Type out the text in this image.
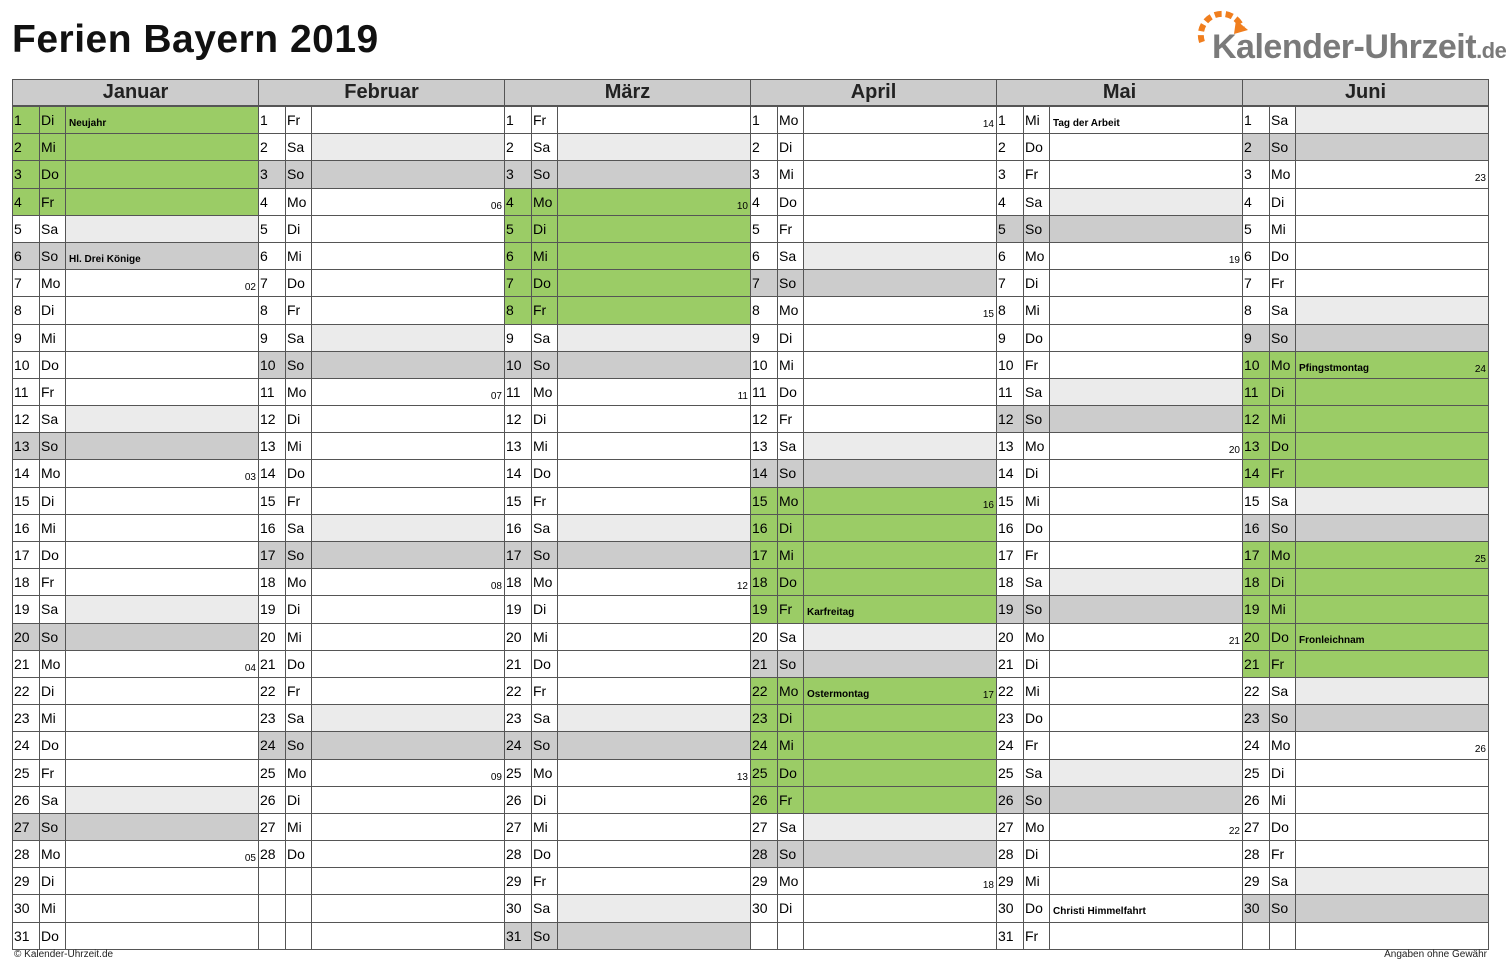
Ferien Bayern 2019	Kalender-Uhrzeit.de
Januar
1	Di	Neujahr
2	Mi
3	Do
4	Fr
5	Sa
6	So	Hl. Drei Könige
7	Mo	02
8	Di
9	Mi
10 Do
11 Fr
12 Sa
13 So
14 Mo	03
15 Di
16 Mi
17 Do
18 Fr
19 Sa
20 So
21 Mo	04
22 Di
23 Mi
24 Do
25 Fr
26 Sa
27 So
28 Mo	05
29 Di
30 Mi
31 Do
Februar
1	Fr
2	Sa
3	So
4	Mo	06
5	Di
6	Mi
7	Do
8	Fr
9	Sa
10 So
11 Mo	07
12 Di
13 Mi
14 Do
15 Fr
16 Sa
17 So
18 Mo	08
19 Di
20 Mi
21 Do
22 Fr
23 Sa
24 So
25 Mo	09
26 Di
27 Mi
28 Do
März
1	Fr
2	Sa
3	So
4	Mo	10
5	Di
6	Mi
7	Do
8	Fr
9	Sa
10 So
11 Mo	11
12 Di
13 Mi
14 Do
15 Fr
16 Sa
17 So
18 Mo	12
19 Di
20 Mi
21 Do
22 Fr
23 Sa
24 So
25 Mo	13
26 Di
27 Mi
28 Do
29 Fr
30 Sa
31 So
April
1	Mo	14
2	Di
3	Mi
4	Do
5	Fr
6	Sa
7	So
8	Mo	15
9	Di
10 Mi
11 Do
12 Fr
13 Sa
14 So
15 Mo	16
16 Di
17 Mi
18 Do
19 Fr	Karfreitag
20 Sa
21 So
22 Mo Ostermontag	17
23 Di
24 Mi
25 Do
26 Fr
27 Sa
28 So
29 Mo	18
30 Di
Mai
1	Mi	Tag der Arbeit
2	Do
3	Fr
4	Sa
5	So
6	Mo	19
7	Di
8	Mi
9	Do
10 Fr
11 Sa
12 So
13 Mo	20
14 Di
15 Mi
16 Do
17 Fr
18 Sa
19 So
20 Mo	21
21 Di
22 Mi
23 Do
24 Fr
25 Sa
26 So
27 Mo	22
28 Di
29 Mi
30 Do	Christi Himmelfahrt
31 Fr
Juni
1	Sa
2	So
3	Mo	23
4	Di
5	Mi
6	Do
7	Fr
8	Sa
9	So
10 Mo Pfingstmontag	24
11 Di
12 Mi
13 Do
14 Fr
15 Sa
16 So
17 Mo	25
18 Di
19 Mi
20 Do	Fronleichnam
21 Fr
22 Sa
23 So
24 Mo	26
25 Di
26 Mi
27 Do
28 Fr
29 Sa
30 So
© Kalender-Uhrzeit.de	Angaben ohne Gewähr
